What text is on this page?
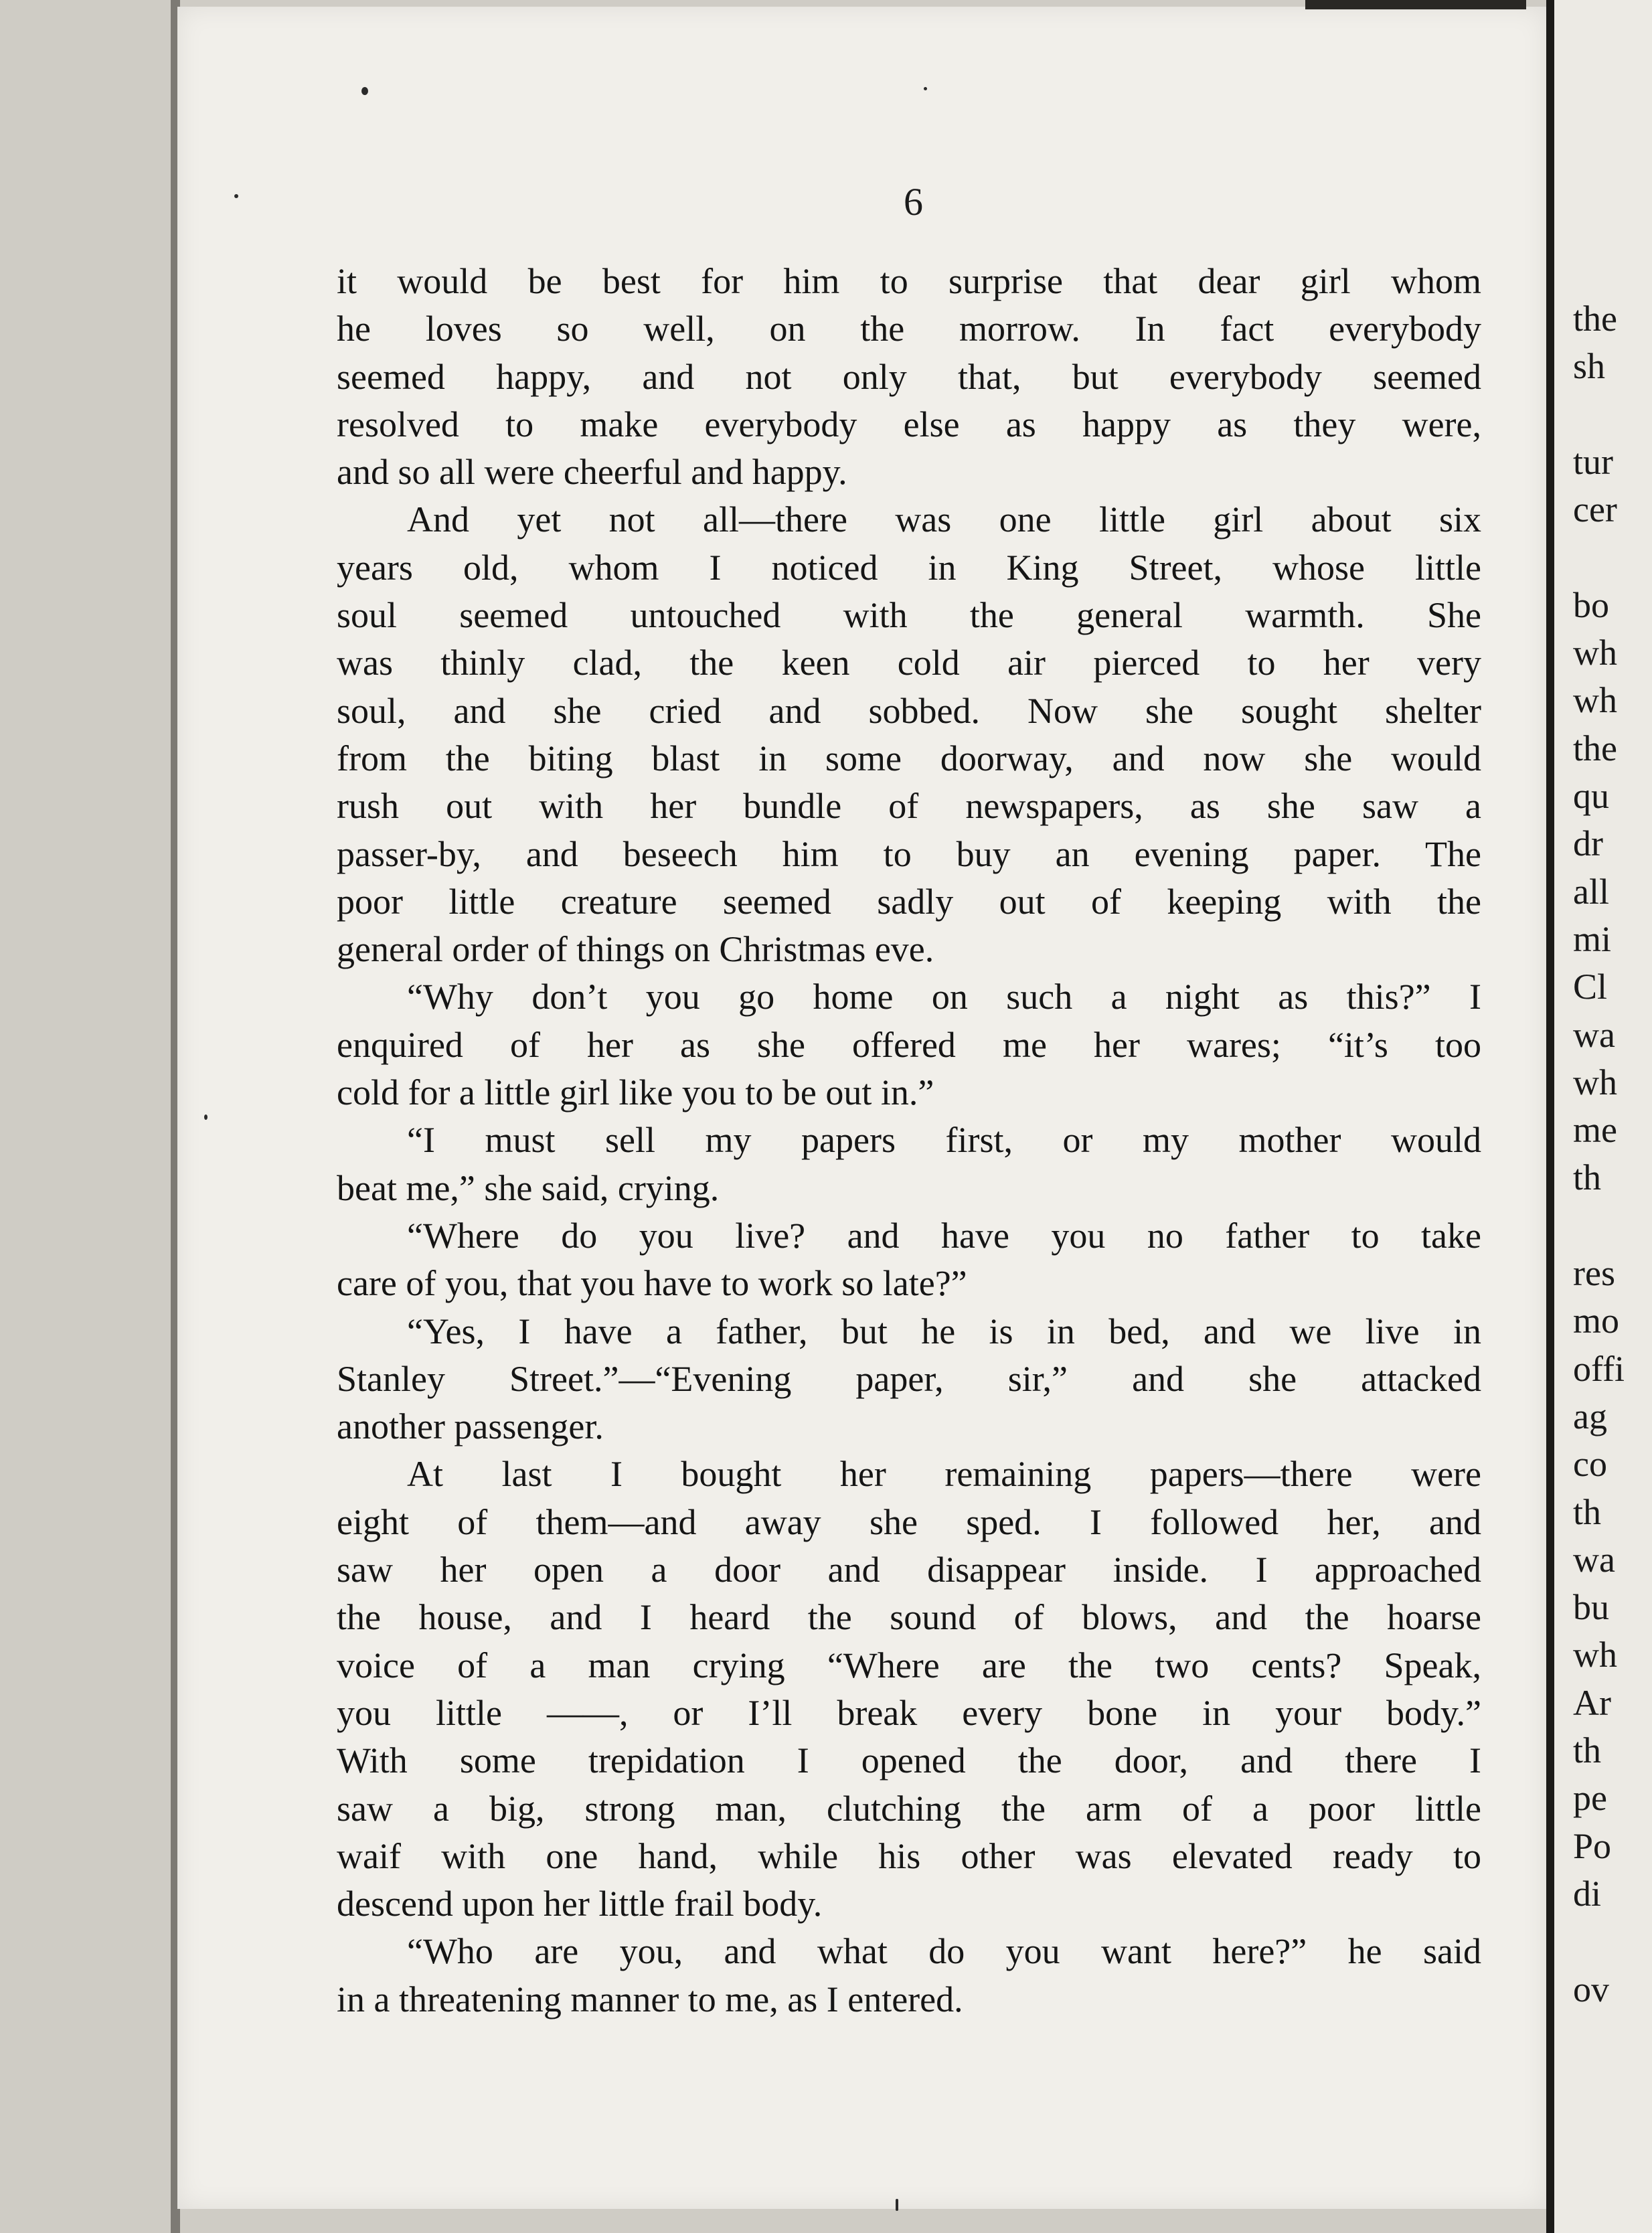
6
it would be best for him to surprise that dear girl whom
he loves so well, on the morrow. In fact everybody
seemed happy, and not only that, but everybody seemed
resolved to make everybody else as happy as they were,
and so all were cheerful and happy.
And yet not all—there was one little girl about six
years old, whom I noticed in King Street, whose little
soul seemed untouched with the general warmth. She
was thinly clad, the keen cold air pierced to her very
soul, and she cried and sobbed. Now she sought shelter
from the biting blast in some doorway, and now she would
rush out with her bundle of newspapers, as she saw a
passer-by, and beseech him to buy an evening paper. The
poor little creature seemed sadly out of keeping with the
general order of things on Christmas eve.
“Why don’t you go home on such a night as this?” I
enquired of her as she offered me her wares; “it’s too
cold for a little girl like you to be out in.”
“I must sell my papers first, or my mother would
beat me,” she said, crying.
“Where do you live? and have you no father to take
care of you, that you have to work so late?”
“Yes, I have a father, but he is in bed, and we live in
Stanley Street.”—“Evening paper, sir,” and she attacked
another passenger.
At last I bought her remaining papers—there were
eight of them—and away she sped. I followed her, and
saw her open a door and disappear inside. I approached
the house, and I heard the sound of blows, and the hoarse
voice of a man crying “Where are the two cents? Speak,
you little ——, or I’ll break every bone in your body.”
With some trepidation I opened the door, and there I
saw a big, strong man, clutching the arm of a poor little
waif with one hand, while his other was elevated ready to
descend upon her little frail body.
“Who are you, and what do you want here?” he said
in a threatening manner to me, as I entered.
the
sh
tur
cer
bo
wh
wh
the
qu
dr
all
mi
Cl
wa
wh
me
th
res
mo
offi
ag
co
th
wa
bu
wh
Ar
th
pe
Po
di
ov
